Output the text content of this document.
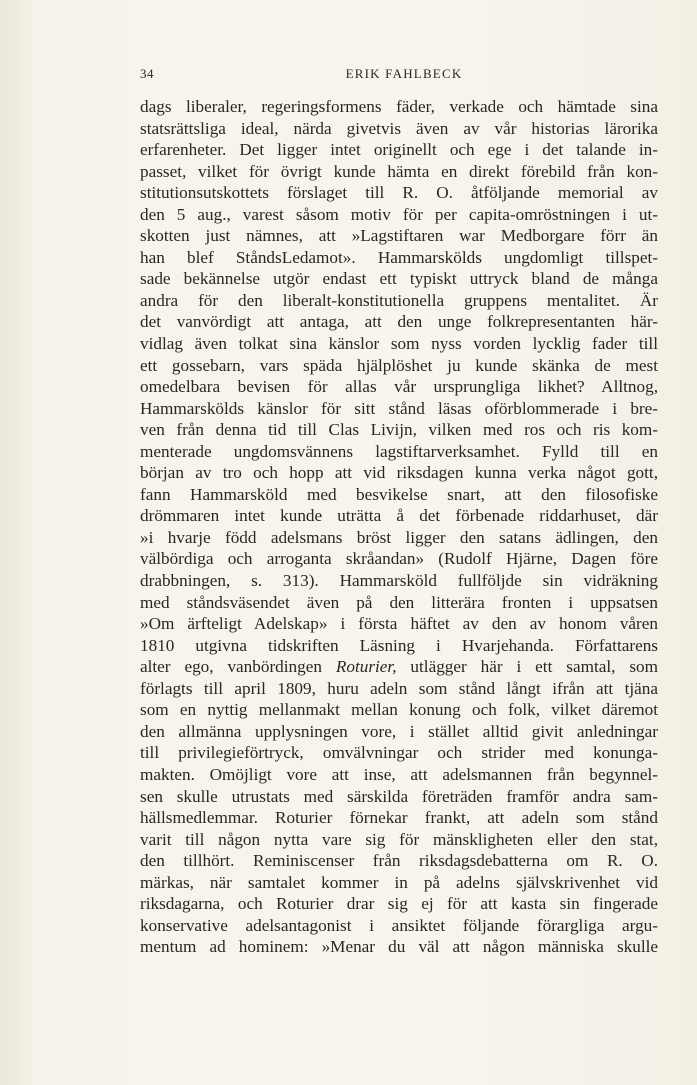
34	ERIK FAHLBECK
dags liberaler, regeringsformens fäder, verkade och hämtade sina
statsrättsliga ideal, närda givetvis även av vår historias lärorika
erfarenheter. Det ligger intet originellt och ege i det talande in-
passet, vilket för övrigt kunde hämta en direkt förebild från kon-
stitutionsutskottets förslaget till R. O. åtföljande memorial av
den 5 aug., varest såsom motiv för per capita-omröstningen i ut-
skotten just nämnes, att »Lagstiftaren war Medborgare förr än
han blef StåndsLedamot». Hammarskölds ungdomligt tillspet-
sade bekännelse utgör endast ett typiskt uttryck bland de många
andra för den liberalt-konstitutionella gruppens mentalitet. Är
det vanvördigt att antaga, att den unge folkrepresentanten här-
vidlag även tolkat sina känslor som nyss vorden lycklig fader till
ett gossebarn, vars späda hjälplöshet ju kunde skänka de mest
omedelbara bevisen för allas vår ursprungliga likhet? Alltnog,
Hammarskölds känslor för sitt stånd läsas oförblommerade i bre-
ven från denna tid till Clas Livijn, vilken med ros och ris kom-
menterade ungdomsvännens lagstiftarverksamhet. Fylld till en
början av tro och hopp att vid riksdagen kunna verka något gott,
fann Hammarsköld med besvikelse snart, att den filosofiske
drömmaren intet kunde uträtta å det förbenade riddarhuset, där
»i hvarje född adelsmans bröst ligger den satans ädlingen, den
välbördiga och arroganta skråandan» (Rudolf Hjärne, Dagen före
drabbningen, s. 313). Hammarsköld fullföljde sin vidräkning
med ståndsväsendet även på den litterära fronten i uppsatsen
»Om ärfteligt Adelskap» i första häftet av den av honom våren
1810 utgivna tidskriften Läsning i Hvarjehanda. Författarens
alter ego, vanbördingen Roturier, utlägger här i ett samtal, som
förlagts till april 1809, huru adeln som stånd långt ifrån att tjäna
som en nyttig mellanmakt mellan konung och folk, vilket däremot
den allmänna upplysningen vore, i stället alltid givit anledningar
till privilegieförtryck, omvälvningar och strider med konunga-
makten. Omöjligt vore att inse, att adelsmannen från begynnel-
sen skulle utrustats med särskilda företräden framför andra sam-
hällsmedlemmar. Roturier förnekar frankt, att adeln som stånd
varit till någon nytta vare sig för mänskligheten eller den stat,
den tillhört. Reminiscenser från riksdagsdebatterna om R. O.
märkas, när samtalet kommer in på adelns självskrivenhet vid
riksdagarna, och Roturier drar sig ej för att kasta sin fingerade
konservative adelsantagonist i ansiktet följande förargliga argu-
mentum ad hominem: »Menar du väl att någon människa skulle
